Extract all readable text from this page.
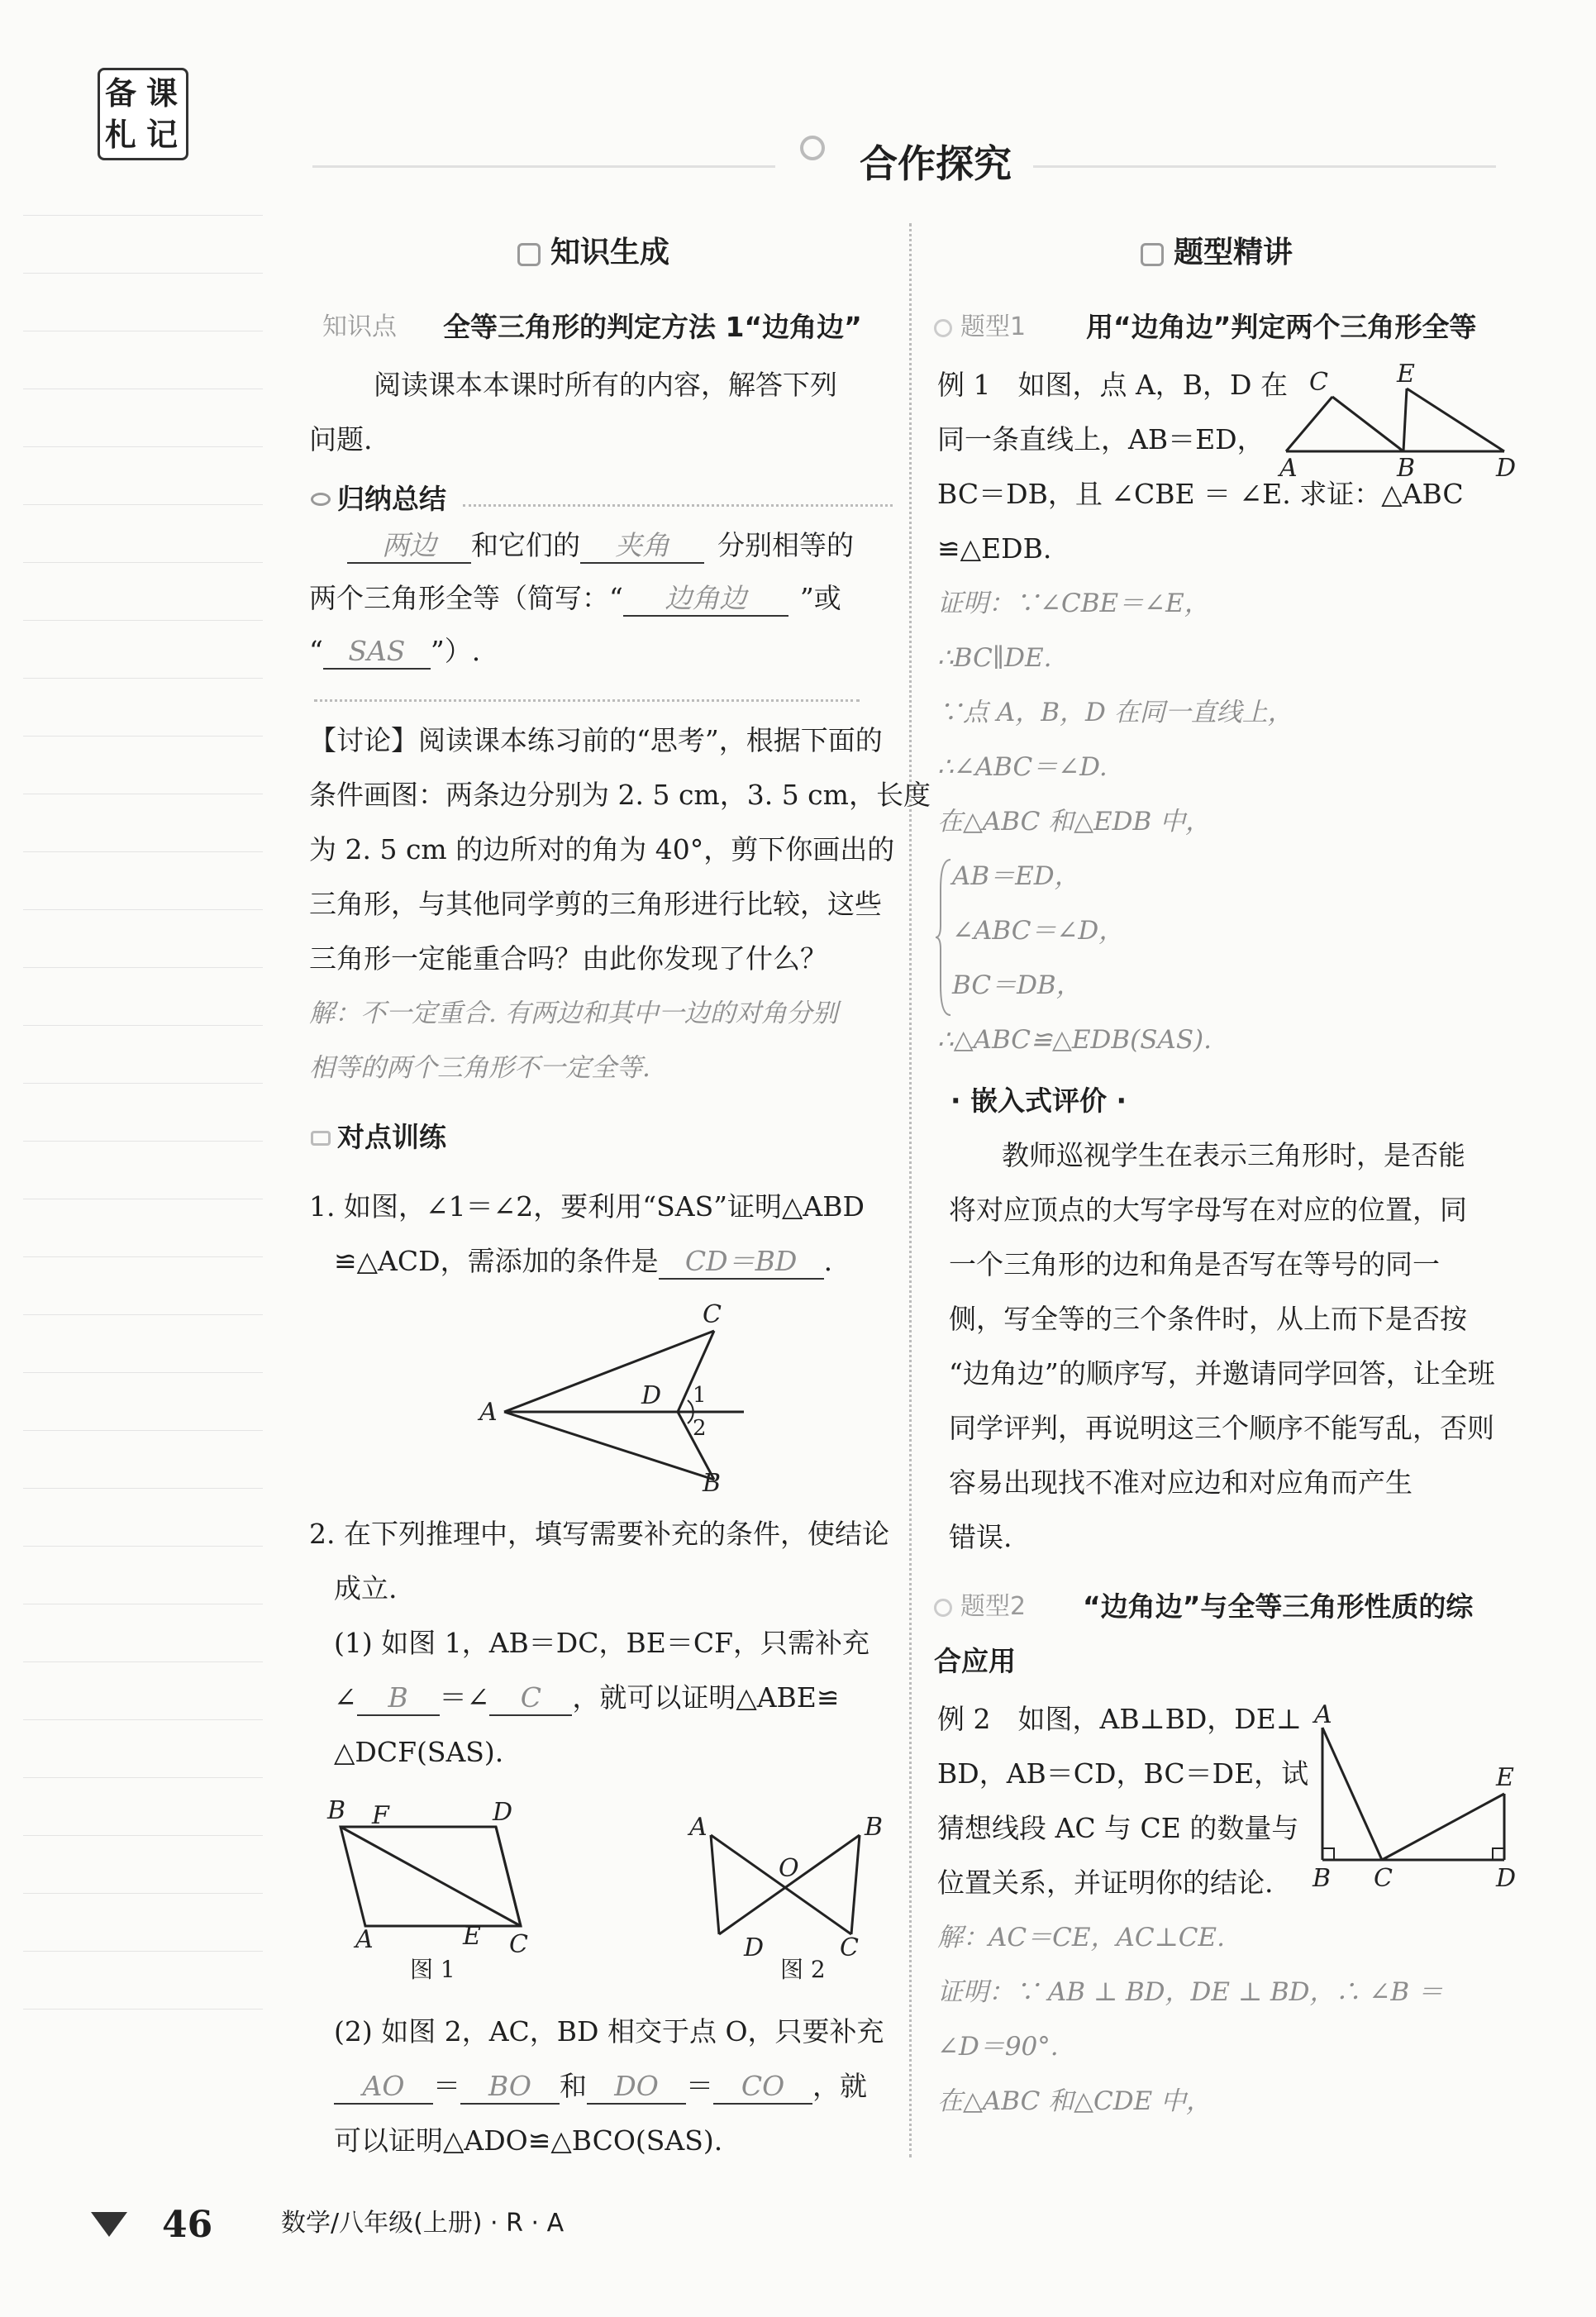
备 课
札 记
合作探究
知识生成
知识点 全等三角形的判定方法 1“边角边”
阅读课本本课时所有的内容，解答下列
问题.
归纳总结
两边 和它们的 夹角 分别相等的
两个三角形全等（简写：“ 边角边 ”或
“ SAS ”）.
【讨论】阅读课本练习前的“思考”，根据下面的
条件画图：两条边分别为 2. 5 cm，3. 5 cm，长度
为 2. 5 cm 的边所对的角为 40°，剪下你画出的
三角形，与其他同学剪的三角形进行比较，这些
三角形一定能重合吗？由此你发现了什么？
解：不一定重合. 有两边和其中一边的对角分别
相等的两个三角形不一定全等.
对点训练
1. 如图，∠1＝∠2，要利用“SAS”证明△ABD
≌△ACD，需添加的条件是 CD＝BD .
A
C
B
D 1
2
2. 在下列推理中，填写需要补充的条件，使结论
成立.
(1) 如图 1，AB＝DC，BE＝CF，只需补充
∠ B ＝∠ C ，就可以证明△ABE≌
△DCF(SAS).
B F	D
A	E C
图 1
A	B
O
D	C
图 2
(2) 如图 2，AC，BD 相交于点 O，只要补充
AO ＝ BO 和 DO ＝ CO ，就
可以证明△ADO≌△BCO(SAS).
题型精讲
题型1 用“边角边”判定两个三角形全等
例 1　如图，点 A，B，D 在
同一条直线上，AB＝ED，
BC＝DB，且 ∠CBE ＝ ∠E. 求证：△ABC
≌△EDB.
C	E
A	B	D
证明：∵∠CBE＝∠E，
∴BC∥DE.
∵点 A，B，D 在同一直线上，
∴∠ABC＝∠D.
在△ABC 和△EDB 中，
AB＝ED，
∠ABC＝∠D，
BC＝DB，
∴△ABC≌△EDB(SAS).
· 嵌入式评价 ·
教师巡视学生在表示三角形时，是否能
将对应顶点的大写字母写在对应的位置，同
一个三角形的边和角是否写在等号的同一
侧，写全等的三个条件时，从上而下是否按
“边角边”的顺序写，并邀请同学回答，让全班
同学评判，再说明这三个顺序不能写乱，否则
容易出现找不准对应边和对应角而产生
错误.
题型2 “边角边”与全等三角形性质的综
合应用
例 2　如图，AB⊥BD，DE⊥
BD，AB＝CD，BC＝DE，试
猜想线段 AC 与 CE 的数量与
位置关系，并证明你的结论.
A
E
B C	D
解：AC＝CE，AC⊥CE.
证明：∵ AB ⊥ BD，DE ⊥ BD，∴ ∠B ＝
∠D＝90°.
在△ABC 和△CDE 中，
46	数学/八年级(上册) · R · A
